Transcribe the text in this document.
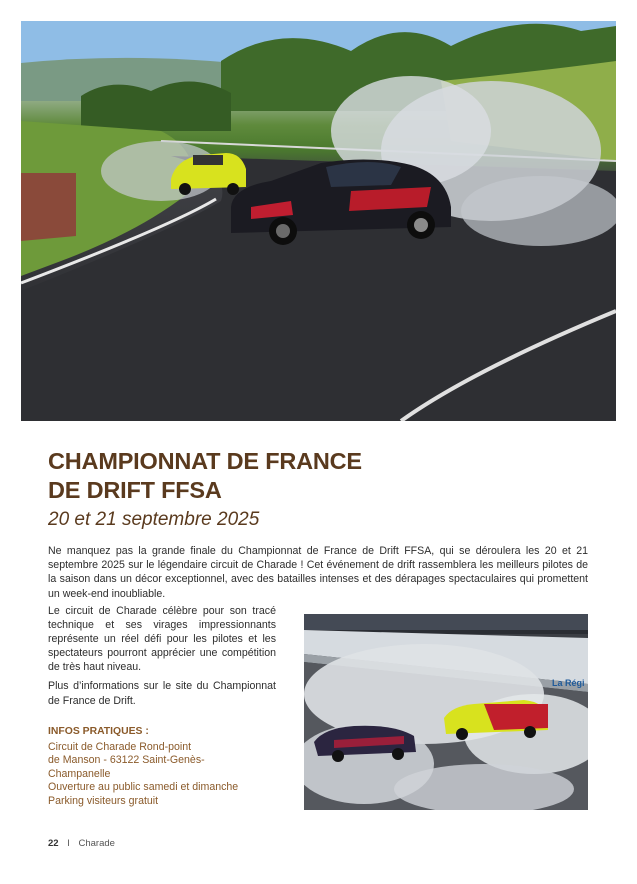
CHAMPIONNAT DE FRANCE
DE DRIFT FFSA
20 et 21 septembre 2025
Ne manquez pas la grande finale du Championnat de France de Drift FFSA, qui se déroulera les 20 et 21 septembre 2025 sur le légendaire circuit de Charade ! Cet événement de drift rassemblera les meilleurs pilotes de la saison dans un décor exceptionnel, avec des batailles intenses et des dérapages spectaculaires qui promettent un week-end inoubliable.

Le circuit de Charade célèbre pour son tracé technique et ses virages impressionnants représente un réel défi pour les pilotes et les spectateurs pourront apprécier une compétition de très haut niveau.

Plus d’informations sur le site du Championnat de France de Drift.

INFOS PRATIQUES :
Circuit de Charade Rond-point
de Manson - 63122 Saint-Genès-
Champanelle
Ouverture au public samedi et dimanche
Parking visiteurs gratuit
La Régi
22 I Charade
